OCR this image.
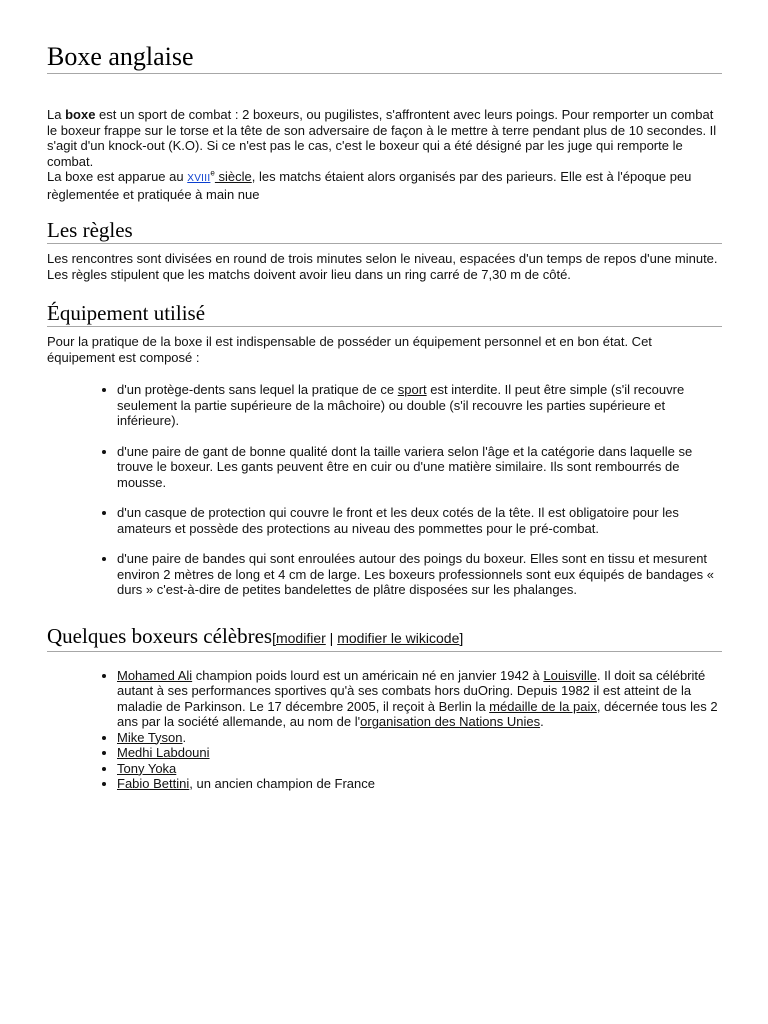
Boxe anglaise

La boxe est un sport de combat : 2 boxeurs, ou pugilistes, s'affrontent avec leurs poings. Pour remporter un combat le boxeur frappe sur le torse et la tête de son adversaire de façon à le mettre à terre pendant plus de 10 secondes. Il s'agit d'un knock-out (K.O). Si ce n'est pas le cas, c'est le boxeur qui a été désigné par les juge qui remporte le combat.
La boxe est apparue au XVIIIe siècle, les matchs étaient alors organisés par des parieurs. Elle est à l'époque peu règlementée et pratiquée à main nue

Les règles

Les rencontres sont divisées en round de trois minutes selon le niveau, espacées d'un temps de repos d'une minute. Les règles stipulent que les matchs doivent avoir lieu dans un ring carré de 7,30 m de côté.

Équipement utilisé

Pour la pratique de la boxe il est indispensable de posséder un équipement personnel et en bon état. Cet équipement est composé :

• d'un protège-dents sans lequel la pratique de ce sport est interdite. Il peut être simple (s'il recouvre seulement la partie supérieure de la mâchoire) ou double (s'il recouvre les parties supérieure et inférieure).
• d'une paire de gant de bonne qualité dont la taille variera selon l'âge et la catégorie dans laquelle se trouve le boxeur. Les gants peuvent être en cuir ou d'une matière similaire. Ils sont rembourrés de mousse.
• d'un casque de protection qui couvre le front et les deux cotés de la tête. Il est obligatoire pour les amateurs et possède des protections au niveau des pommettes pour le pré-combat.
• d'une paire de bandes qui sont enroulées autour des poings du boxeur. Elles sont en tissu et mesurent environ 2 mètres de long et 4 cm de large. Les boxeurs professionnels sont eux équipés de bandages « durs » c'est-à-dire de petites bandelettes de plâtre disposées sur les phalanges.
Quelques boxeurs célèbres[modifier | modifier le wikicode]
• Mohamed Ali champion poids lourd est un américain né en janvier 1942 à Louisville. Il doit sa célébrité autant à ses performances sportives qu'à ses combats hors duOring. Depuis 1982 il est atteint de la maladie de Parkinson. Le 17 décembre 2005, il reçoit à Berlin la médaille de la paix, décernée tous les 2 ans par la société allemande, au nom de l'organisation des Nations Unies.
• Mike Tyson.
• Medhi Labdouni
• Tony Yoka
• Fabio Bettini, un ancien champion de France
